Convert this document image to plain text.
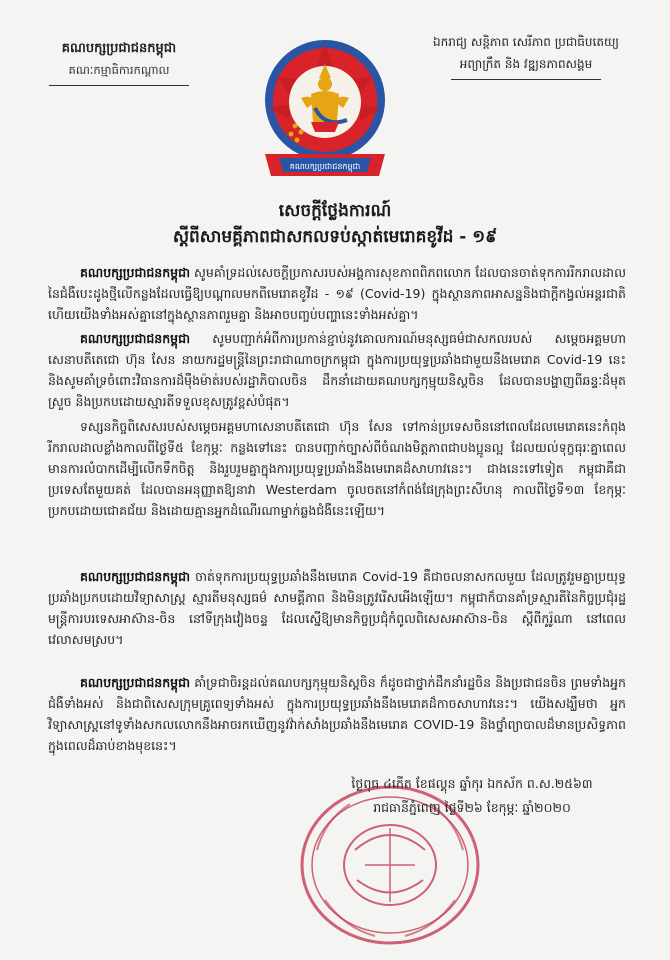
គណបក្សប្រជាជនកម្ពុជា
គណៈកម្មាធិការកណ្ដាល
ឯករាជ្យ សន្តិភាព សេរីភាព ប្រជាធិបតេយ្យ
អព្យាក្រឹត និង វឌ្ឍនភាពសង្គម
គណបក្សប្រជាជនកម្ពុជា
សេចក្តីថ្លែងការណ៍
ស្តីពីសាមគ្គីភាពជាសកលទប់ស្កាត់មេរោគខូវីដ - ១៩

គណបក្សប្រជាជនកម្ពុជា សូមគាំទ្រដល់សេចក្តីប្រកាសរបស់អង្គការសុខភាពពិភពលោក ដែលបានចាត់ទុកការរីករាលដាលនៃជំងឺបេះដូងថ្មីលើកន្លងដែលធ្វើឱ្យបណ្ដាលមកពីមេរោគខូវីដ - ១៩ (Covid-19) ក្នុងស្ថានភាពអាសន្ននិងជាក្តីកង្វល់អន្តរជាតិ ហើយយើងទាំងអស់គ្នានៅក្នុងស្ថានភាពរួមគ្នា និងអាចបញ្ចប់បញ្ហានេះទាំងអស់គ្នា។

គណបក្សប្រជាជនកម្ពុជា សូមបញ្ជាក់អំពីការប្រកាន់ខ្ជាប់នូវគោលការណ៍មនុស្សធម៌ជាសកលរបស់ សម្តេចអគ្គមហាសេនាបតីតេជោ ហ៊ុន សែន នាយករដ្ឋមន្ត្រីនៃព្រះរាជាណាចក្រកម្ពុជា ក្នុងការប្រយុទ្ធប្រឆាំងជាមួយនឹងមេរោគ Covid-19 នេះ និងសូមគាំទ្រចំពោះវិធានការដ៏ម៉ឺងម៉ាត់របស់រដ្ឋាភិបាលចិន ដឹកនាំដោយគណបក្សកុម្មុយនិស្តចិន ដែលបានបង្ហាញពីឆន្ទៈដ៏មុតស្រួច និងប្រកបដោយស្មារតីទទួលខុសត្រូវខ្ពស់បំផុត។

ទស្សនកិច្ចពិសេសរបស់សម្តេចអគ្គមហាសេនាបតីតេជោ ហ៊ុន សែន ទៅកាន់ប្រទេសចិននៅពេលដែលមេរោគនេះកំពុងរីករាលដាលខ្លាំងកាលពីថ្ងៃទី៥ ខែកុម្ភៈ កន្លងទៅនេះ បានបញ្ជាក់ច្បាស់ពីចំណងមិត្តភាពជាបងប្អូនល្អ ដែលយល់ទុក្ខធុរៈគ្នាពេលមានការលំបាកដើម្បីលើកទឹកចិត្ត និងរួបរួមគ្នាក្នុងការប្រយុទ្ធប្រឆាំងនឹងមេរោគដ៏សាហាវនេះ។ ជាងនេះទៅទៀត កម្ពុជាគឺជាប្រទេសតែមួយគត់ ដែលបានអនុញ្ញាតឱ្យនាវា Westerdam ចូលចតនៅកំពង់ផែក្រុងព្រះសីហនុ កាលពីថ្ងៃទី១៣ ខែកុម្ភៈ ប្រកបដោយជោគជ័យ និងដោយគ្មានអ្នកដំណើរណាម្នាក់ឆ្លងជំងឺនេះឡើយ។

គណបក្សប្រជាជនកម្ពុជា ចាត់ទុកការប្រយុទ្ធប្រឆាំងនឹងមេរោគ Covid-19 គឺជាចលនាសកលមួយ ដែលត្រូវរួមគ្នាប្រយុទ្ធប្រឆាំងប្រកបដោយវិទ្យាសាស្ត្រ ស្មារតីមនុស្សធម៌ សាមគ្គីភាព និងមិនត្រូវរើសអើងឡើយ។ កម្ពុជាក៏បានគាំទ្រស្មារតីនៃកិច្ចប្រជុំរដ្ឋមន្ត្រីការបរទេសអាស៊ាន-ចិន នៅទីក្រុងវៀងចន្ទ ដែលស្នើឱ្យមានកិច្ចប្រជុំកំពូលពិសេសអាស៊ាន-ចិន ស្តីពីកូរ៉ូណា នៅពេលវេលាសមស្រប។

គណបក្សប្រជាជនកម្ពុជា គាំទ្រជាចិរន្តដល់គណបក្សកុម្មុយនិស្តចិន ក៏ដូចជាថ្នាក់ដឹកនាំរដ្ឋចិន និងប្រជាជនចិន ព្រមទាំងអ្នកជំងឺទាំងអស់ និងជាពិសេសក្រុមគ្រូពេទ្យទាំងអស់ ក្នុងការប្រយុទ្ធប្រឆាំងនឹងមេរោគដ៏កាចសាហាវនេះ។ យើងសង្ឃឹមថា អ្នកវិទ្យាសាស្ត្រនៅទូទាំងសកលលោកនឹងអាចរកឃើញនូវវ៉ាក់សាំងប្រឆាំងនឹងមេរោគ COVID-19 និងថ្នាំព្យាបាលដ៏មានប្រសិទ្ធភាពក្នុងពេលដ៏ឆាប់ខាងមុខនេះ។

ថ្ងៃពុធ ៤កើត ខែផល្គុន ឆ្នាំកុរ ឯកស័ក ព.ស.២៥៦៣
រាជធានីភ្នំពេញ ថ្ងៃទី២៦ ខែកុម្ភៈ ឆ្នាំ២០២០
